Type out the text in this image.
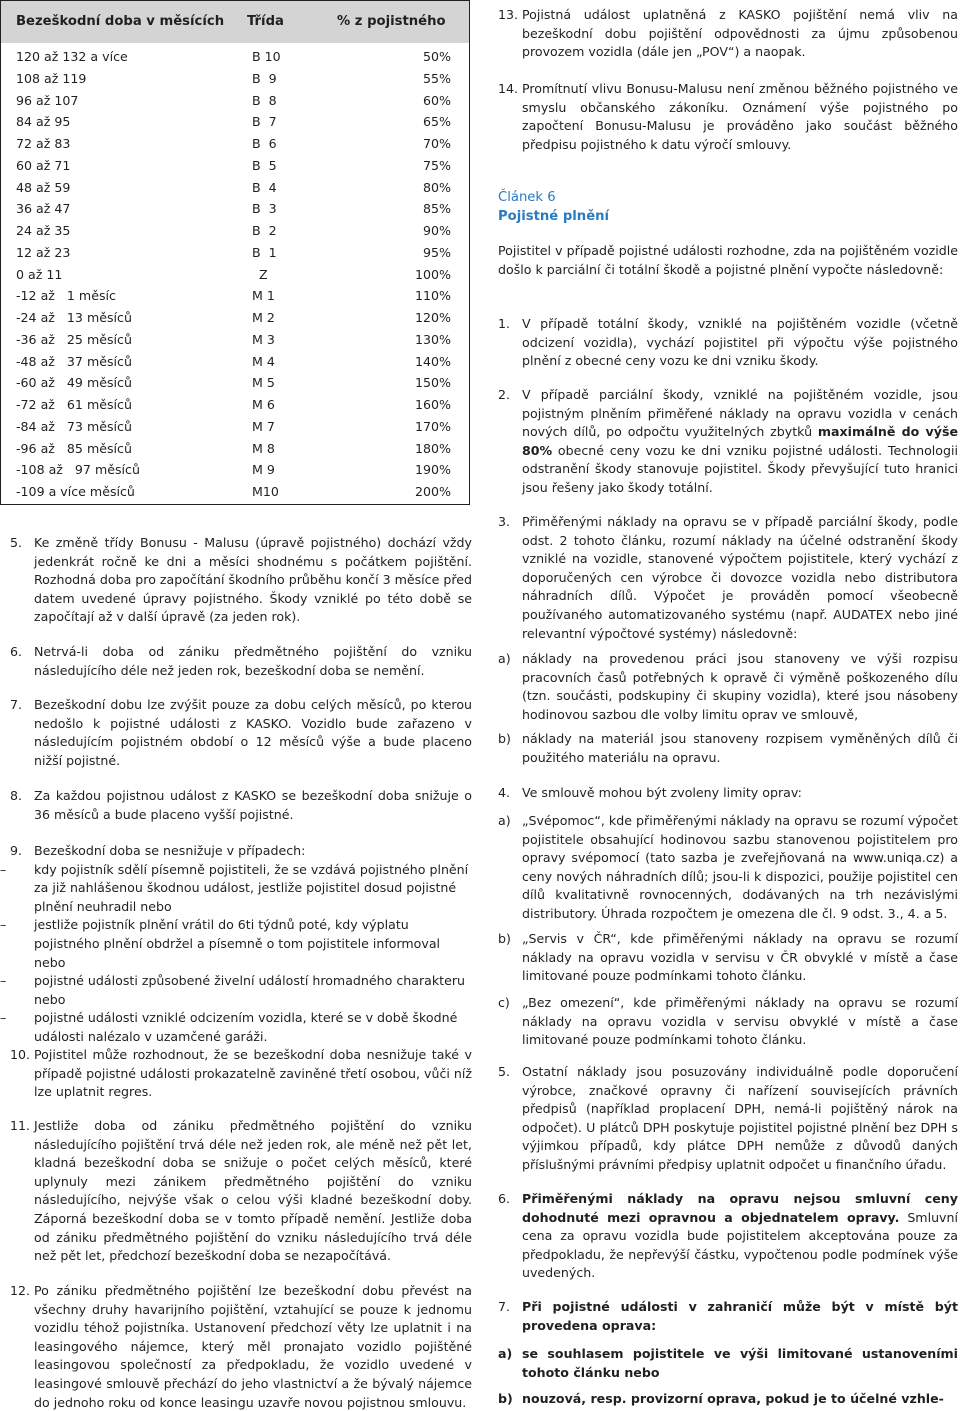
Bezeškodní doba v měsících Třída	% z pojistného
120 až 132 a více	B 10	50%
108 až 119	B  9	55%
96 až 107	B  8	60%
84 až 95	B  7	65%
72 až 83	B  6	70%
60 až 71	B  5	75%
48 až 59	B  4	80%
36 až 47	B  3	85%
24 až 35	B  2	90%
12 až 23	B  1	95%
0 až 11	Z	100%
-12 až   1 měsíc	M 1	110%
-24 až   13 měsíců	M 2	120%
-36 až   25 měsíců	M 3	130%
-48 až   37 měsíců	M 4	140%
-60 až   49 měsíců	M 5	150%
-72 až   61 měsíců	M 6	160%
-84 až   73 měsíců	M 7	170%
-96 až   85 měsíců	M 8	180%
-108 až   97 měsíců	M 9	190%
-109 a více měsíců	M10	200%
5. Ke změně třídy Bonusu - Malusu (úpravě pojistného) dochází vždy jedenkrát ročně ke dni a měsíci shodnému s počátkem pojištění. Rozhodná doba pro započítání škodního průběhu končí 3 měsíce před datem uvedené úpravy pojistného. Škody vzniklé po této době se započítají až v další úpravě (za jeden rok).
6. Netrvá-li doba od zániku předmětného pojištění do vzniku následujícího déle než jeden rok, bezeškodní doba se nemění.
7. Bezeškodní dobu lze zvýšit pouze za dobu celých měsíců, po kterou nedošlo k pojistné události z KASKO. Vozidlo bude zařazeno v následujícím pojistném období o 12 měsíců výše a bude placeno nižší pojistné.
8. Za každou pojistnou událost z KASKO se bezeškodní doba snižuje o 36 měsíců a bude placeno vyšší pojistné.
9. Bezeškodní doba se nesnižuje v případech:
–	kdy pojistník sdělí písemně pojistiteli, že se vzdává pojistného plnění za již nahlášenou škodnou událost, jestliže pojistitel dosud pojistné plnění neuhradil nebo
–	jestliže pojistník plnění vrátil do 6ti týdnů poté, kdy výplatu pojistného plnění obdržel a písemně o tom pojistitele informoval nebo
–	pojistné události způsobené živelní událostí hromadného charakteru nebo
–	pojistné události vzniklé odcizením vozidla, které se v době škodné události nalézalo v uzamčené garáži.
10. Pojistitel může rozhodnout, že se bezeškodní doba nesnižuje také v případě pojistné události prokazatelně zaviněné třetí osobou, vůči níž lze uplatnit regres.
11. Jestliže doba od zániku předmětného pojištění do vzniku následujícího pojištění trvá déle než jeden rok, ale méně než pět let, kladná bezeškodní doba se snižuje o počet celých měsíců, které uplynuly mezi zánikem předmětného pojištění do vzniku následujícího, nejvýše však o celou výši kladné bezeškodní doby. Záporná bezeškodní doba se v tomto případě nemění. Jestliže doba od zániku předmětného pojištění do vzniku následujícího trvá déle než pět let, předchozí bezeškodní doba se nezapočítává.
12. Po zániku předmětného pojištění lze bezeškodní dobu převést na všechny druhy havarijního pojištění, vztahující se pouze k jednomu vozidlu téhož pojistníka. Ustanovení předchozí věty lze uplatnit i na leasingového nájemce, který měl pronajato vozidlo pojištěné leasingovou společností za předpokladu, že vozidlo uvedené v leasingové smlouvě přechází do jeho vlastnictví a že bývalý nájemce do jednoho roku od konce leasingu uzavře novou pojistnou smlouvu.
13. Pojistná událost uplatněná z KASKO pojištění nemá vliv na bezeškodní dobu pojištění odpovědnosti za újmu způsobenou provozem vozidla (dále jen „POV“) a naopak.
14. Promítnutí vlivu Bonusu-Malusu není změnou běžného pojistného ve smyslu občanského zákoníku. Oznámení výše pojistného po započtení Bonusu-Malusu je prováděno jako součást běžného předpisu pojistného k datu výročí smlouvy.
Článek 6
Pojistné plnění
Pojistitel v případě pojistné události rozhodne, zda na pojištěném vozidle došlo k parciální či totální škodě a pojistné plnění vypočte následovně:
1. V případě totální škody, vzniklé na pojištěném vozidle (včetně odcizení vozidla), vychází pojistitel při výpočtu výše pojistného plnění z obecné ceny vozu ke dni vzniku škody.
2. V případě parciální škody, vzniklé na pojištěném vozidle, jsou pojistným plněním přiměřené náklady na opravu vozidla v cenách nových dílů, po odpočtu využitelných zbytků maximálně do výše 80% obecné ceny vozu ke dni vzniku pojistné události. Technologii odstranění škody stanovuje pojistitel. Škody převyšující tuto hranici jsou řešeny jako škody totální.
3. Přiměřenými náklady na opravu se v případě parciální škody, podle odst. 2 tohoto článku, rozumí náklady na účelné odstranění škody vzniklé na vozidle, stanovené výpočtem pojistitele, který vychází z doporučených cen výrobce či dovozce vozidla nebo distributora náhradních dílů. Výpočet je prováděn pomocí všeobecně používaného automatizovaného systému (např. AUDATEX nebo jiné relevantní výpočtové systémy) následovně:
a) náklady na provedenou práci jsou stanoveny ve výši rozpisu pracovních časů potřebných k opravě či výměně poškozeného dílu (tzn. součásti, podskupiny či skupiny vozidla), které jsou násobeny hodinovou sazbou dle volby limitu oprav ve smlouvě,
b) náklady na materiál jsou stanoveny rozpisem vyměněných dílů či použitého materiálu na opravu.
4. Ve smlouvě mohou být zvoleny limity oprav:
a) „Svépomoc“, kde přiměřenými náklady na opravu se rozumí výpočet pojistitele obsahující hodinovou sazbu stanovenou pojistitelem pro opravy svépomocí (tato sazba je zveřejňovaná na www.uniqa.cz) a ceny nových náhradních dílů; jsou-li k dispozici, použije pojistitel cen dílů kvalitativně rovnocenných, dodávaných na trh nezávislými distributory. Úhrada rozpočtem je omezena dle čl. 9 odst. 3., 4. a 5.
b) „Servis v ČR“, kde přiměřenými náklady na opravu se rozumí náklady na opravu vozidla v servisu v ČR obvyklé v místě a čase limitované pouze podmínkami tohoto článku.
c) „Bez omezení“, kde přiměřenými náklady na opravu se rozumí náklady na opravu vozidla v servisu obvyklé v místě a čase limitované pouze podmínkami tohoto článku.
5. Ostatní náklady jsou posuzovány individuálně podle doporučení výrobce, značkové opravny či nařízení souvisejících právních předpisů (například proplacení DPH, nemá-li pojištěný nárok na odpočet). U plátců DPH poskytuje pojistitel pojistné plnění bez DPH s výjimkou případů, kdy plátce DPH nemůže z důvodů daných příslušnými právními předpisy uplatnit odpočet u finančního úřadu.
6. Přiměřenými náklady na opravu nejsou smluvní ceny dohodnuté mezi opravnou a objednatelem opravy. Smluvní cena za opravu vozidla bude pojistitelem akceptována pouze za předpokladu, že nepřevýší částku, vypočtenou podle podmínek výše uvedených.
7. Při pojistné události v zahraničí může být v místě být provedena oprava:
a) se souhlasem pojistitele ve výši limitované ustanoveními tohoto článku nebo
b) nouzová, resp. provizorní oprava, pokud je to účelné vzhle-
